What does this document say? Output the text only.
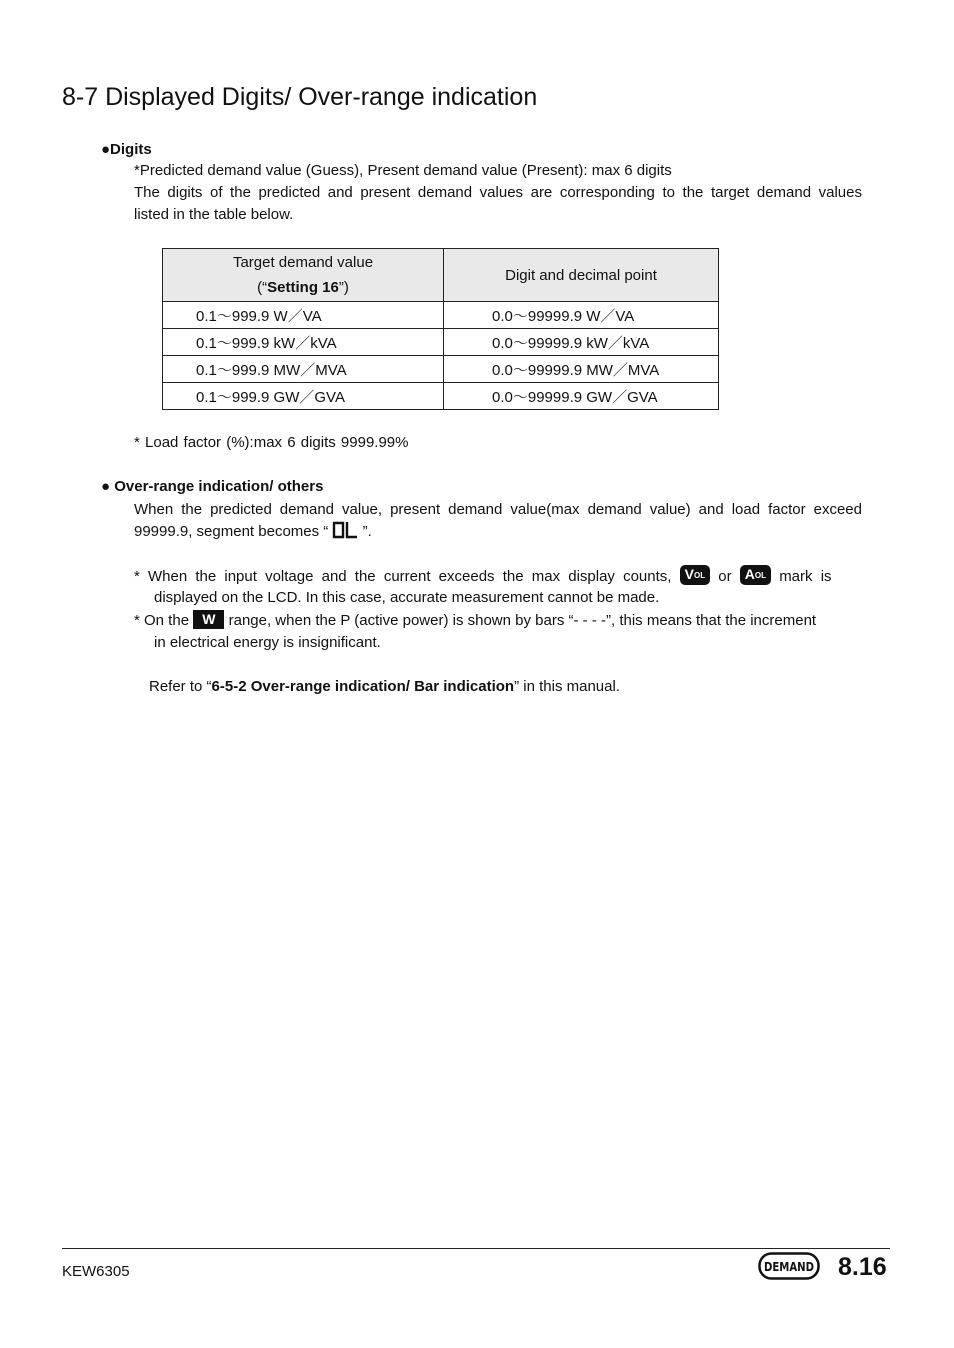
8-7 Displayed Digits/ Over-range indication
●Digits
*Predicted demand value (Guess), Present demand value (Present): max 6 digits
The digits of the predicted and present demand values are corresponding to the target demand values
listed in the table below.
Target demand value
(“Setting 16”)	Digit and decimal point
0.1～999.9 W／VA	0.0～99999.9 W／VA
0.1～999.9 kW／kVA	0.0～99999.9 kW／kVA
0.1～999.9 MW／MVA	0.0～99999.9 MW／MVA
0.1～999.9 GW／GVA	0.0～99999.9 GW／GVA
* Load factor (%):max 6 digits 9999.99%
● Over-range indication/ others
When the predicted demand value, present demand value(max demand value) and load factor exceed
99999.9, segment becomes “ ”.
* When the input voltage and the current exceeds the max display counts, $V_{OL}$ or $A_{OL}$ mark is
displayed on the LCD. In this case, accurate measurement cannot be made.
* On the W range, when the P (active power) is shown by bars “- - - -”, this means that the increment
in electrical energy is insignificant.
Refer to “6-5-2 Over-range indication/ Bar indication” in this manual.
KEW6305	DEMAND 8.16
